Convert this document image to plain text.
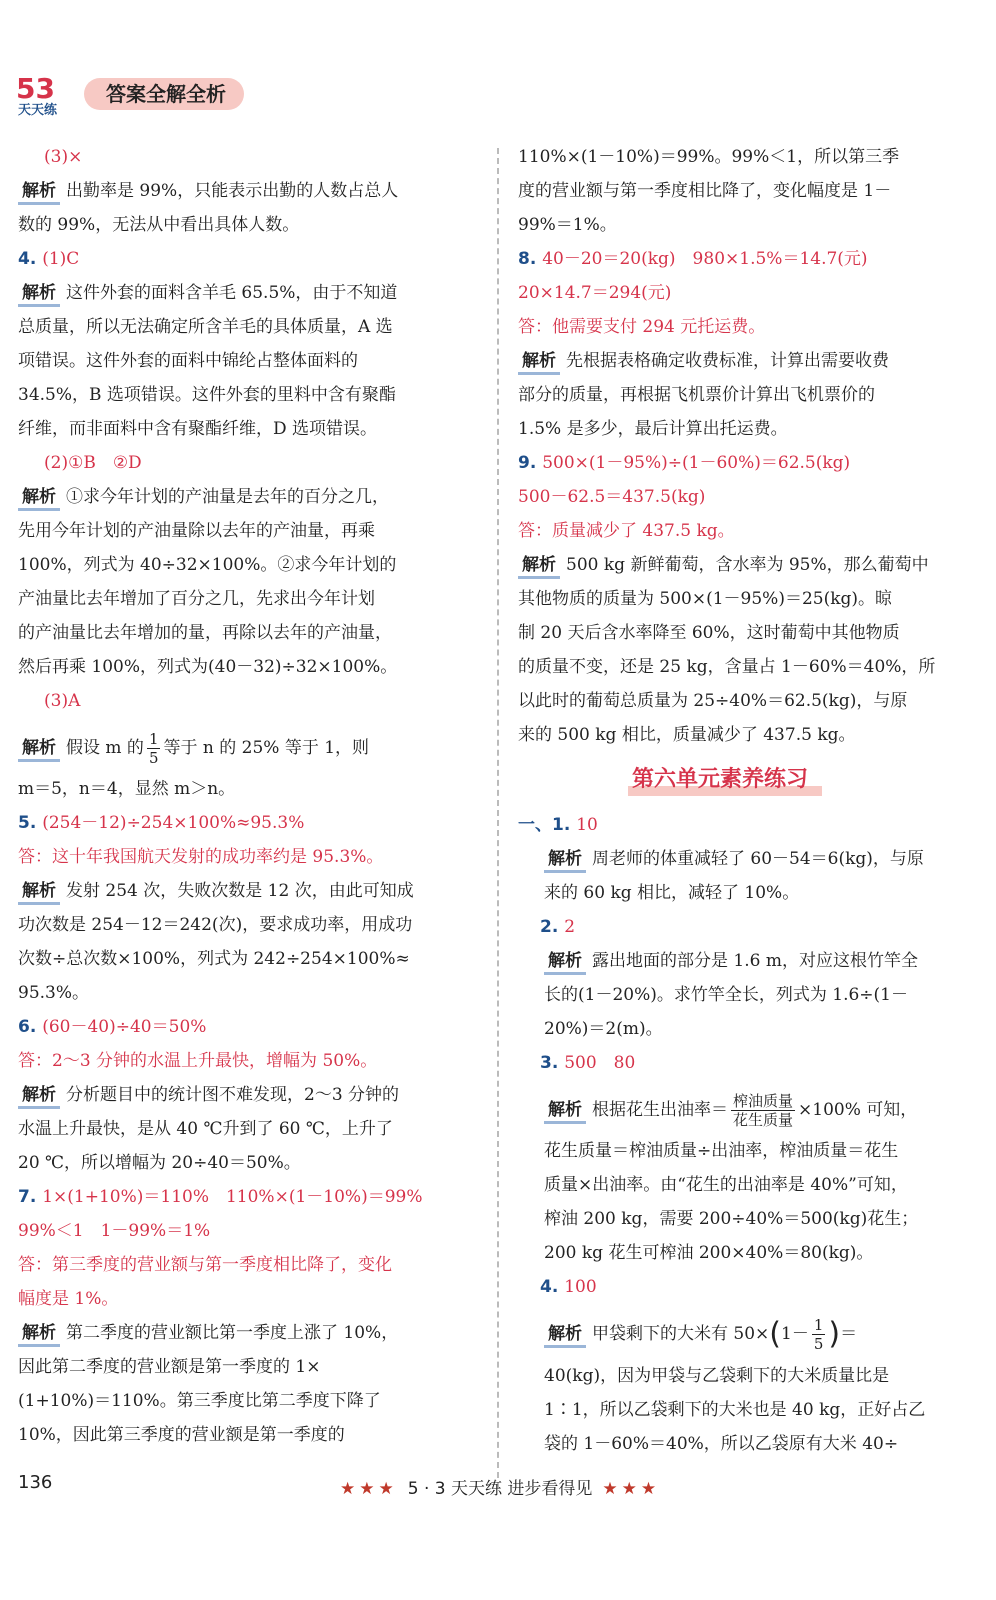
53
天天练
答案全解全析
(3)×
解析 出勤率是 99%，只能表示出勤的人数占总人
数的 99%，无法从中看出具体人数。
4. (1)C
解析 这件外套的面料含羊毛 65.5%，由于不知道
总质量，所以无法确定所含羊毛的具体质量，A 选
项错误。这件外套的面料中锦纶占整体面料的
34.5%，B 选项错误。这件外套的里料中含有聚酯
纤维，而非面料中含有聚酯纤维，D 选项错误。
(2)①B　②D
解析 ①求今年计划的产油量是去年的百分之几，
先用今年计划的产油量除以去年的产油量，再乘
100%，列式为 40÷32×100%。②求今年计划的
产油量比去年增加了百分之几，先求出今年计划
的产油量比去年增加的量，再除以去年的产油量，
然后再乘 100%，列式为(40－32)÷32×100%。
(3)A
解析 假设 m 的 $\frac{1}{5}$ 等于 n 的 25% 等于 1，则
m＝5，n＝4，显然 m＞n。
5. (254－12)÷254×100%≈95.3%
答：这十年我国航天发射的成功率约是 95.3%。
解析 发射 254 次，失败次数是 12 次，由此可知成
功次数是 254－12＝242(次)，要求成功率，用成功
次数÷总次数×100%，列式为 242÷254×100%≈
95.3%。
6. (60－40)÷40＝50%
答：2～3 分钟的水温上升最快，增幅为 50%。
解析 分析题目中的统计图不难发现，2～3 分钟的
水温上升最快，是从 40 ℃升到了 60 ℃，上升了
20 ℃，所以增幅为 20÷40＝50%。
7. 1×(1+10%)＝110%　110%×(1－10%)＝99%
99%＜1　1－99%＝1%
答：第三季度的营业额与第一季度相比降了，变化
幅度是 1%。
解析 第二季度的营业额比第一季度上涨了 10%，
因此第二季度的营业额是第一季度的 1×
(1+10%)＝110%。第三季度比第二季度下降了
10%，因此第三季度的营业额是第一季度的
110%×(1－10%)＝99%。99%＜1，所以第三季
度的营业额与第一季度相比降了，变化幅度是 1－
99%＝1%。
8. 40－20＝20(kg)　980×1.5%＝14.7(元)
20×14.7＝294(元)
答：他需要支付 294 元托运费。
解析 先根据表格确定收费标准，计算出需要收费
部分的质量，再根据飞机票价计算出飞机票价的
1.5% 是多少，最后计算出托运费。
9. 500×(1－95%)÷(1－60%)＝62.5(kg)
500－62.5＝437.5(kg)
答：质量减少了 437.5 kg。
解析 500 kg 新鲜葡萄，含水率为 95%，那么葡萄中
其他物质的质量为 500×(1－95%)＝25(kg)。晾
制 20 天后含水率降至 60%，这时葡萄中其他物质
的质量不变，还是 25 kg，含量占 1－60%＝40%，所
以此时的葡萄总质量为 25÷40%＝62.5(kg)，与原
来的 500 kg 相比，质量减少了 437.5 kg。
第六单元素养练习
一、1. 10
解析 周老师的体重减轻了 60－54＝6(kg)，与原
来的 60 kg 相比，减轻了 10%。
2. 2
解析 露出地面的部分是 1.6 m，对应这根竹竿全
长的(1－20%)。求竹竿全长，列式为 1.6÷(1－
20%)＝2(m)。
3. 500　80
解析 根据花生出油率＝ $\frac{\text{榨油质量}}{\text{花生质量}} \times 100\%$ 可知，
花生质量＝榨油质量÷出油率，榨油质量＝花生
质量×出油率。由“花生的出油率是 40%”可知，
榨油 200 kg，需要 200÷40%＝500(kg)花生；
200 kg 花生可榨油 200×40%＝80(kg)。
4. 100
解析 甲袋剩下的大米有 $50\times(1- \frac{1}{5}$ )＝
40(kg)，因为甲袋与乙袋剩下的大米质量比是
1∶1，所以乙袋剩下的大米也是 40 kg，正好占乙
袋的 1－60%＝40%，所以乙袋原有大米 40÷
136	★★★ 5 · 3 天天练 进步看得见 ★★★
